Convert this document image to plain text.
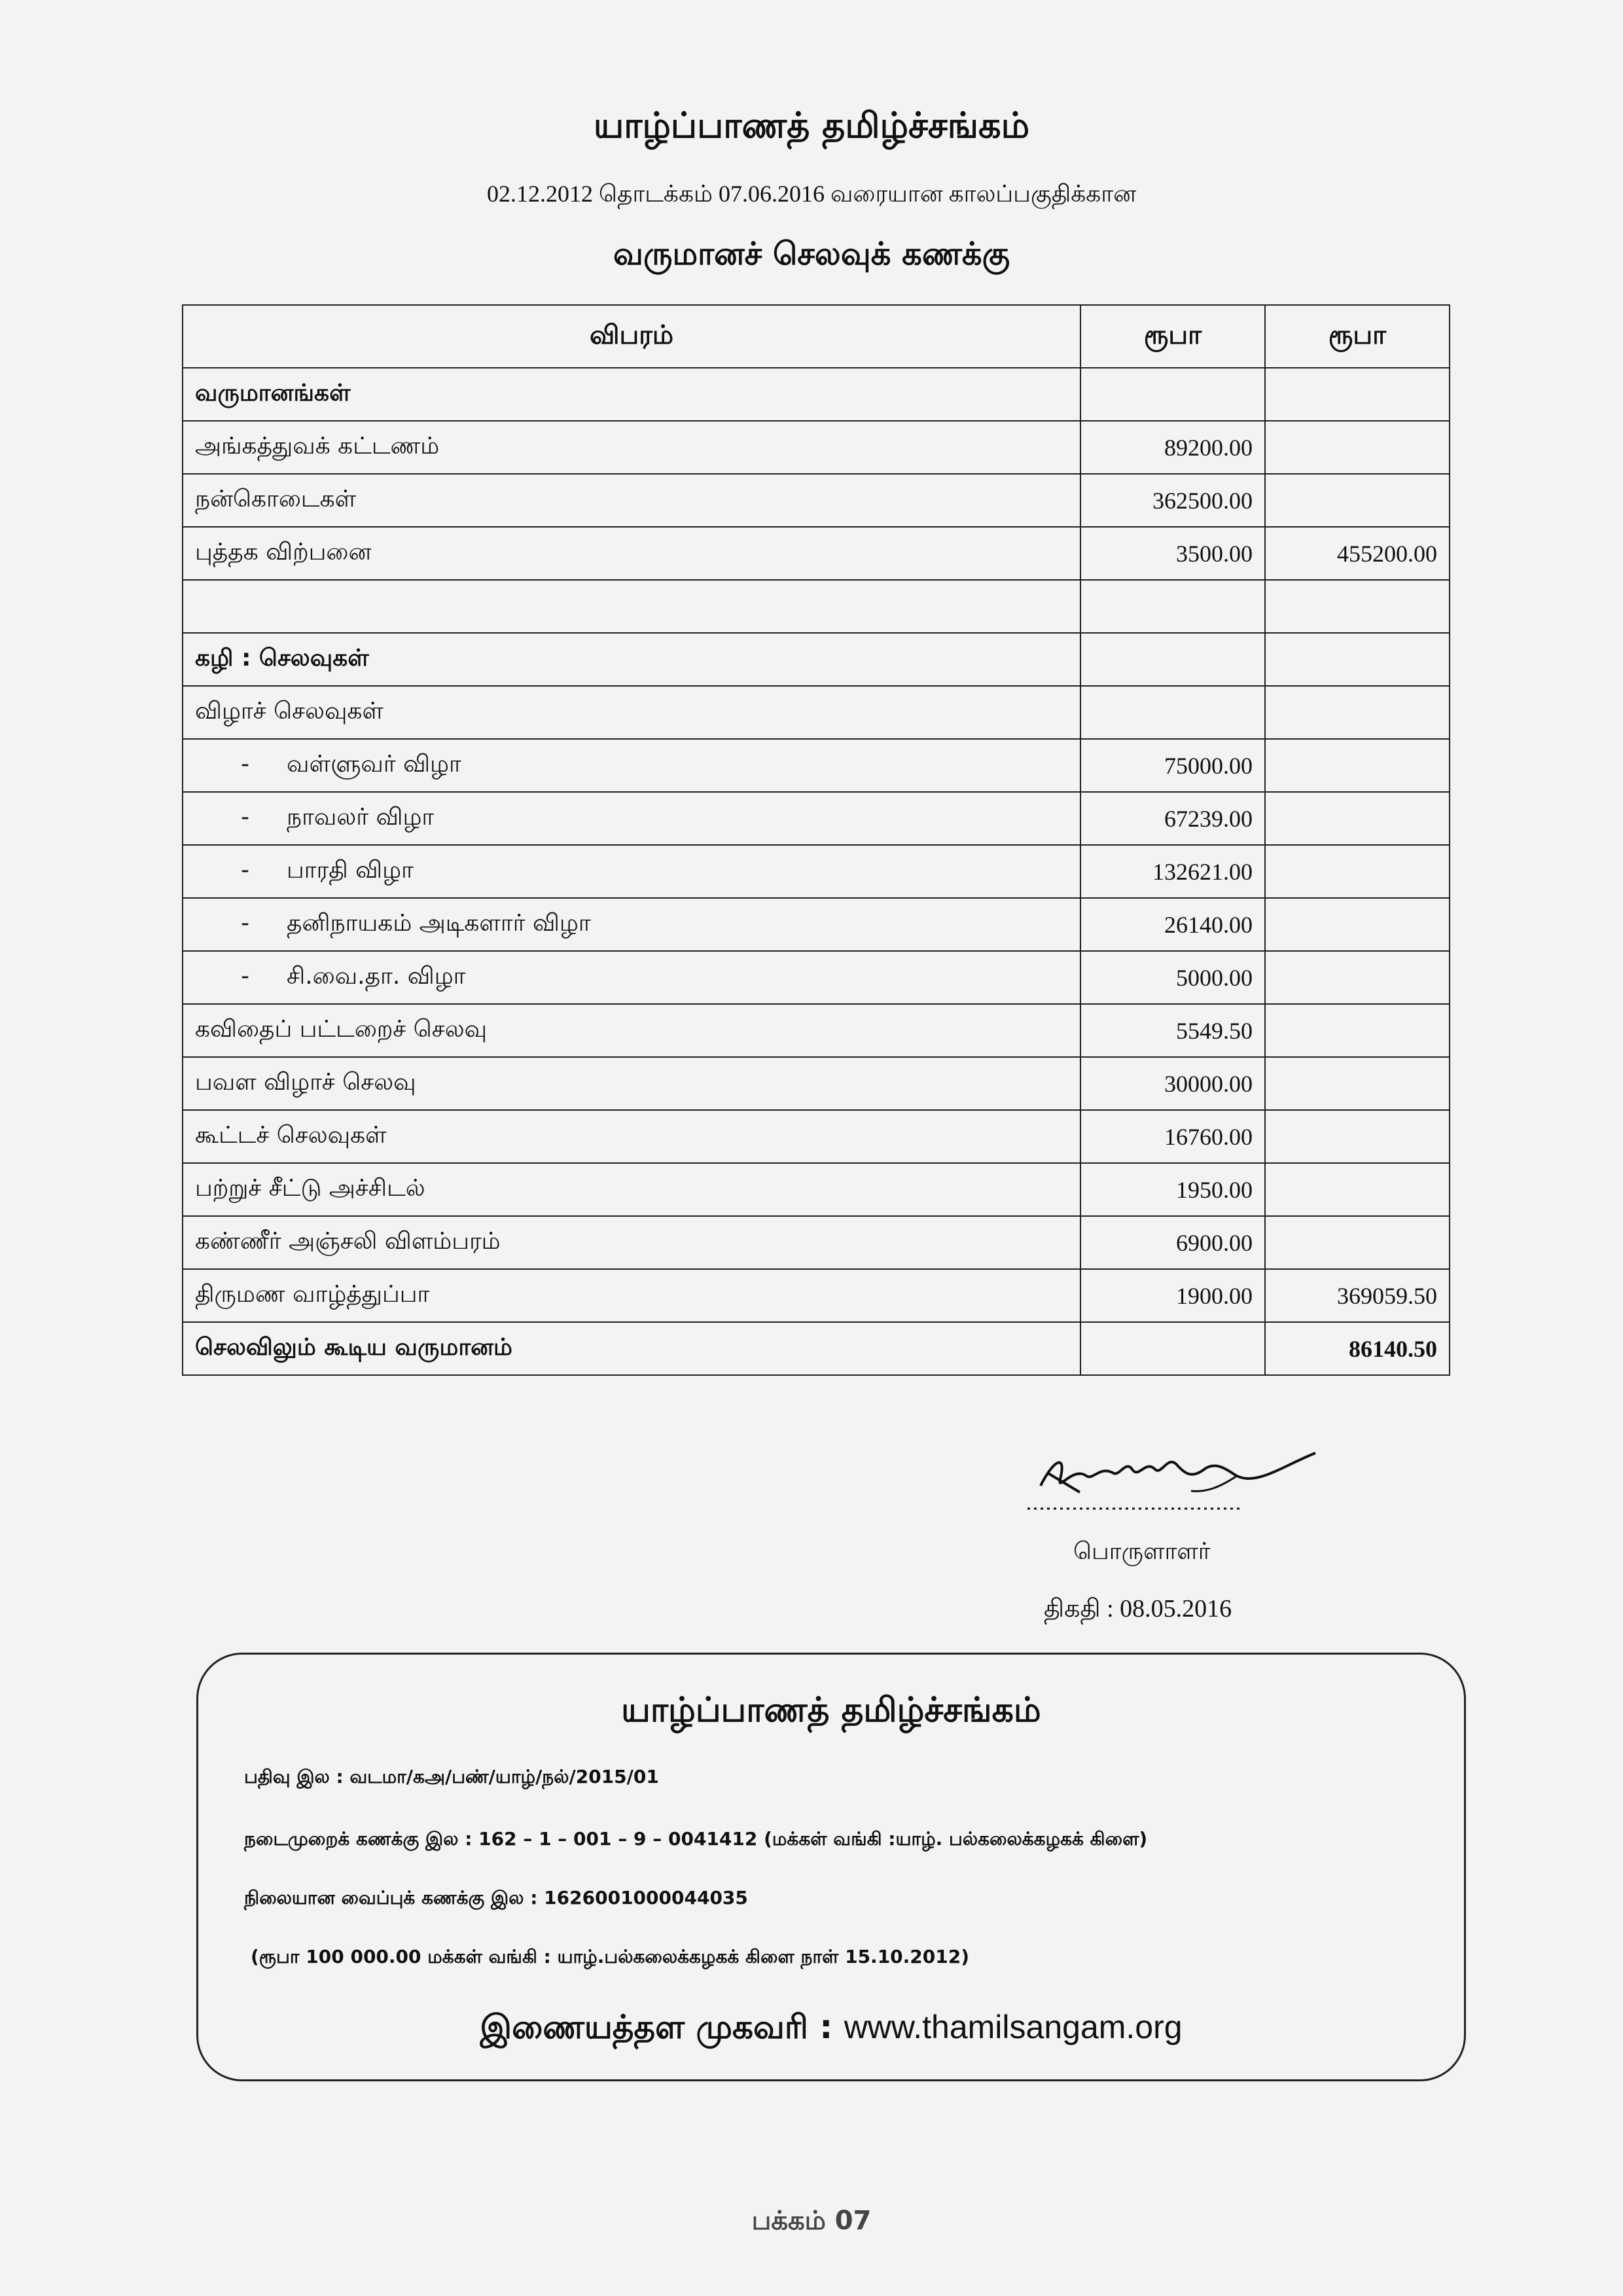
யாழ்ப்பாணத் தமிழ்ச்சங்கம்
02.12.2012 தொடக்கம் 07.06.2016 வரையான காலப்பகுதிக்கான
வருமானச் செலவுக் கணக்கு
விபரம்	ரூபா	ரூபா
வருமானங்கள்		
அங்கத்துவக் கட்டணம்	89200.00	
நன்கொடைகள்	362500.00	
புத்தக விற்பனை	3500.00	455200.00

கழி : செலவுகள்		
விழாச் செலவுகள்		
- வள்ளுவர் விழா	75000.00	
- நாவலர் விழா	67239.00	
- பாரதி விழா	132621.00	
- தனிநாயகம் அடிகளார் விழா	26140.00	
- சி.வை.தா. விழா	5000.00	
கவிதைப் பட்டறைச் செலவு	5549.50	
பவள விழாச் செலவு	30000.00	
கூட்டச் செலவுகள்	16760.00	
பற்றுச் சீட்டு அச்சிடல்	1950.00	
கண்ணீர் அஞ்சலி விளம்பரம்	6900.00	
திருமண வாழ்த்துப்பா	1900.00	369059.50
செலவிலும் கூடிய வருமானம்		86140.50
பொருளாளர்
திகதி : 08.05.2016
யாழ்ப்பாணத் தமிழ்ச்சங்கம்
பதிவு இல : வடமா/கஅ/பண்/யாழ்/நல்/2015/01
நடைமுறைக் கணக்கு இல : 162 – 1 – 001 – 9 – 0041412 (மக்கள் வங்கி :யாழ். பல்கலைக்கழகக் கிளை)
நிலையான வைப்புக் கணக்கு இல : 1626001000044035
(ரூபா 100 000.00 மக்கள் வங்கி : யாழ்.பல்கலைக்கழகக் கிளை நாள் 15.10.2012)
இணையத்தள முகவரி : www.thamilsangam.org
பக்கம் 07
